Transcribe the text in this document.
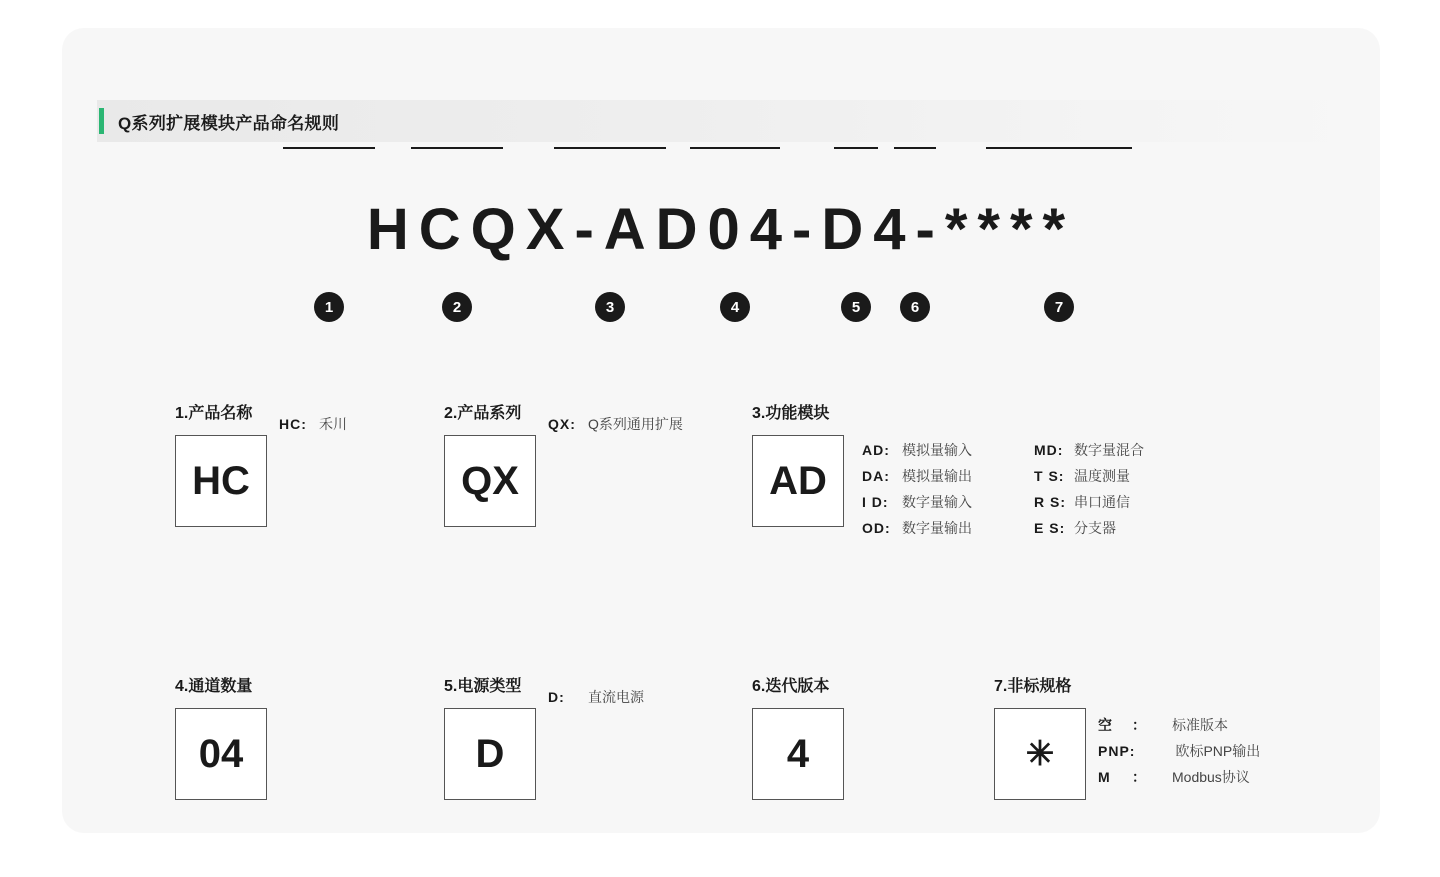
Q系列扩展模块产品命名规则
HCQX-AD04-D4-****
1	2	3	4	5	6	7
1.产品名称
HC
HC: 禾川
2.产品系列
QX
QX: Q系列通用扩展
3.功能模块
AD
AD: 模拟量输入
DA: 模拟量输出
I D: 数字量输入
OD: 数字量输出
MD: 数字量混合
T S: 温度测量
R S: 串口通信
E S: 分支器
4.通道数量
04
5.电源类型
D
D:	直流电源
6.迭代版本
4
7.非标规格
✳
空	：	标准版本
PNP:	欧标PNP输出
M	：	Modbus协议
